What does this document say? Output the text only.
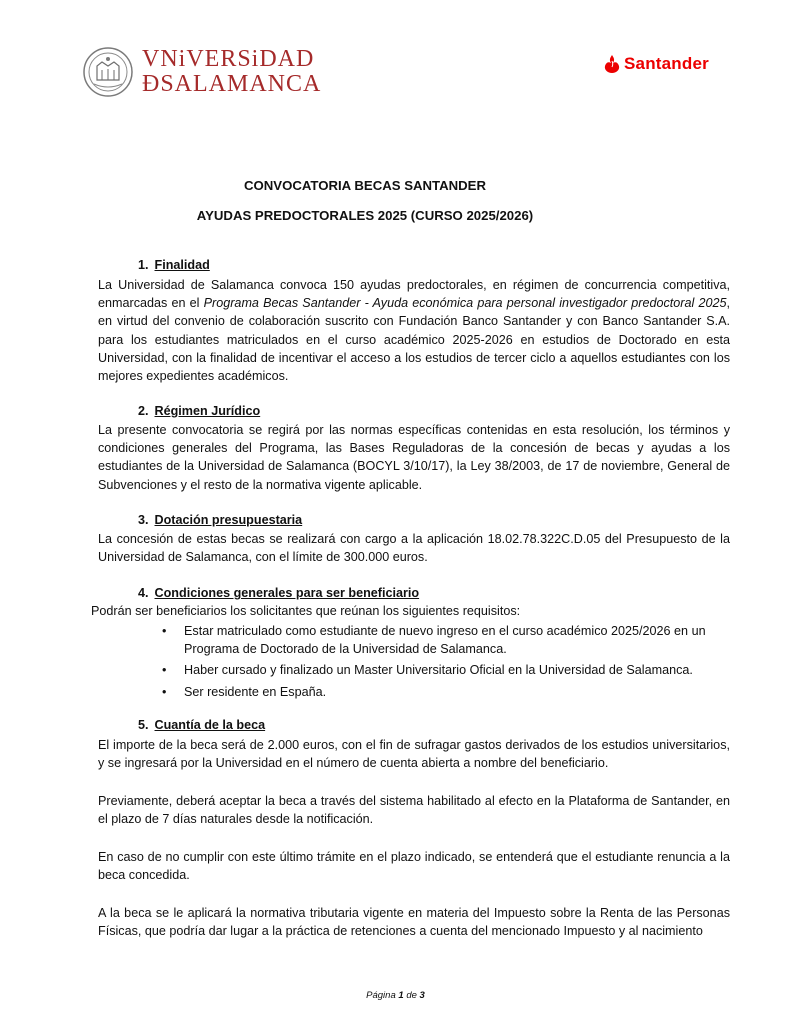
VNiVERSiDAD
ÐSALAMANCA
Santander
CONVOCATORIA BECAS SANTANDER
AYUDAS PREDOCTORALES 2025 (CURSO 2025/2026)
1. Finalidad

La Universidad de Salamanca convoca 150 ayudas predoctorales, en régimen de concurrencia competitiva, enmarcadas en el Programa Becas Santander - Ayuda económica para personal investigador predoctoral 2025, en virtud del convenio de colaboración suscrito con Fundación Banco Santander y con Banco Santander S.A. para los estudiantes matriculados en el curso académico 2025-2026 en estudios de Doctorado en esta Universidad, con la finalidad de incentivar el acceso a los estudios de tercer ciclo a aquellos estudiantes con los mejores expedientes académicos.

2. Régimen Jurídico

La presente convocatoria se regirá por las normas específicas contenidas en esta resolución, los términos y condiciones generales del Programa, las Bases Reguladoras de la concesión de becas y ayudas a los estudiantes de la Universidad de Salamanca (BOCYL 3/10/17), la Ley 38/2003, de 17 de noviembre, General de Subvenciones y el resto de la normativa vigente aplicable.

3. Dotación presupuestaria

La concesión de estas becas se realizará con cargo a la aplicación 18.02.78.322C.D.05 del Presupuesto de la Universidad de Salamanca, con el límite de 300.000 euros.

4. Condiciones generales para ser beneficiario
Podrán ser beneficiarios los solicitantes que reúnan los siguientes requisitos:
• Estar matriculado como estudiante de nuevo ingreso en el curso académico 2025/2026 en un Programa de Doctorado de la Universidad de Salamanca.
• Haber cursado y finalizado un Master Universitario Oficial en la Universidad de Salamanca.
• Ser residente en España.
5. Cuantía de la beca

El importe de la beca será de 2.000 euros, con el fin de sufragar gastos derivados de los estudios universitarios, y se ingresará por la Universidad en el número de cuenta abierta a nombre del beneficiario.

Previamente, deberá aceptar la beca a través del sistema habilitado al efecto en la Plataforma de Santander, en el plazo de 7 días naturales desde la notificación.

En caso de no cumplir con este último trámite en el plazo indicado, se entenderá que el estudiante renuncia a la beca concedida.

A la beca se le aplicará la normativa tributaria vigente en materia del Impuesto sobre la Renta de las Personas Físicas, que podría dar lugar a la práctica de retenciones a cuenta del mencionado Impuesto y al nacimiento

Página 1 de 3
